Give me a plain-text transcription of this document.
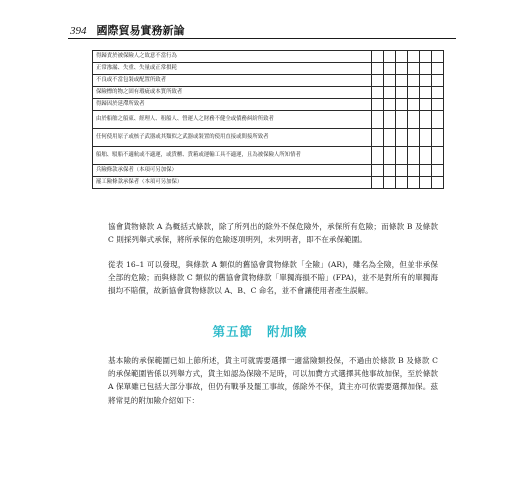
394 國際貿易實務新論
得歸責於被保險人之故意不當行為						
正常滲漏、失重、失量或正常損耗						
不良或不當包裝或配置所致者						
保險標的物之固有瑕疵或本質所致者						
得歸因於延滯所致者						
由於船舶之船東、經理人、租船人、營運人之財務不健全或債務糾紛所致者						
任何使用原子或核子武器或其類似之武器或裝置的使用直接或間接所致者						
船舶、駁船不適航或不適運，或貨櫃、貨箱或運輸工具不適運，且為被保險人所知情者						
兵險條款承保者（本項可另加保）						
罷工險條款承保者（本項可另加保）						

協會貨物條款 A 為概括式條款，除了所列出的除外不保危險外，承保所有危險；而條款 B 及條款 C 則採列舉式承保，將所承保的危險逐項明列，未列明者，即不在承保範圍。

從表 16–1 可以發現，與條款 A 類似的舊協會貨物條款「全險」(AR)，雖名為全險，但並非承保全部的危險；而與條款 C 類似的舊協會貨物條款「單獨海損不賠」(FPA)，並不是對所有的單獨海損均不賠償，故新協會貨物條款以 A、B、C 命名，並不會讓使用者產生誤解。

第五節 附加險

基本險的承保範圍已如上節所述，貨主可就需要選擇一適當險類投保，不過由於條款 B 及條款 C 的承保範圍皆係以列舉方式，貨主如認為保險不足時，可以加費方式選擇其他事故加保，至於條款 A 保單雖已包括大部分事故，但仍有戰爭及罷工事故，係除外不保，貨主亦可依需要選擇加保。茲將常見的附加險介紹如下：
